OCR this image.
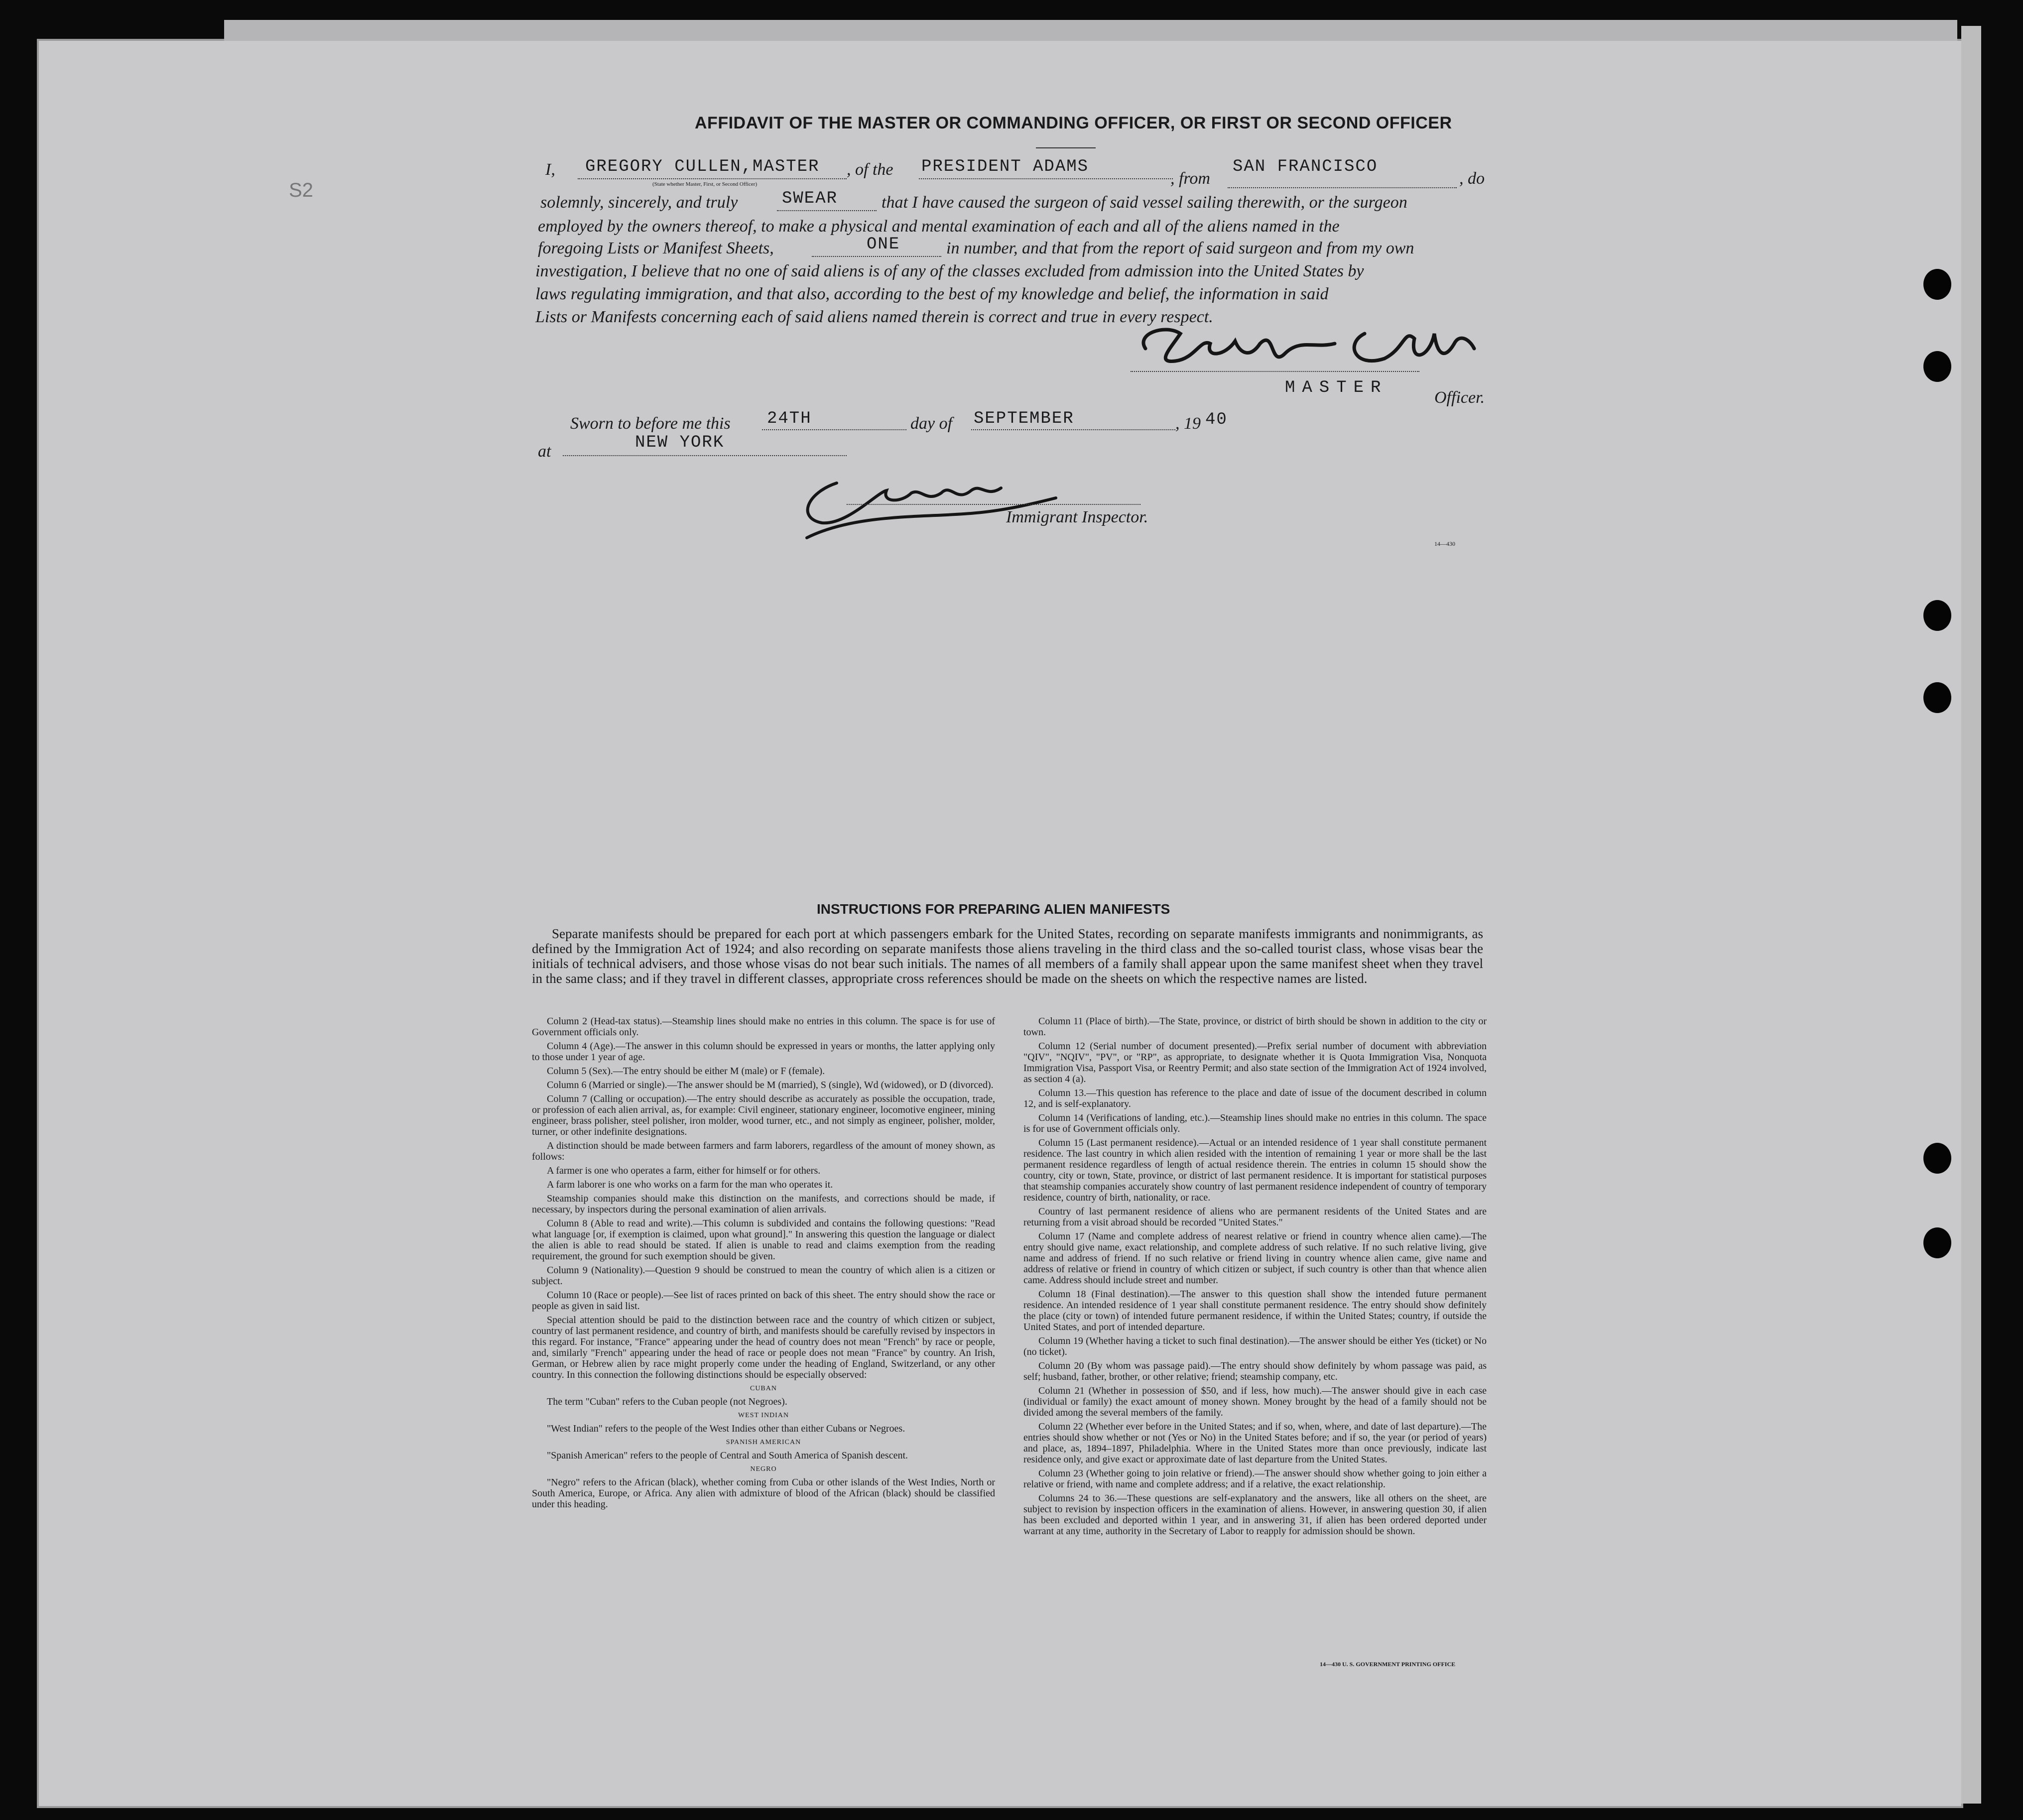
S2
AFFIDAVIT OF THE MASTER OR COMMANDING OFFICER, OR FIRST OR SECOND OFFICER
I, GREGORY CULLEN,MASTER
(State whether Master, First, or Second Officer)
, of the PRESIDENT ADAMS
, from
SAN FRANCISCO
, do
solemnly, sincerely, and truly	SWEAR	that I have caused the surgeon of said vessel sailing therewith, or the surgeon
employed by the owners thereof, to make a physical and mental examination of each and all of the aliens named in the
foregoing Lists or Manifest Sheets,	ONE	in number, and that from the report of said surgeon and from my own
investigation, I believe that no one of said aliens is of any of the classes excluded from admission into the United States by
laws regulating immigration, and that also, according to the best of my knowledge and belief, the information in said
Lists or Manifests concerning each of said aliens named therein is correct and true in every respect.
MASTER
Officer.
Sworn to before me this 24TH	day of SEPTEMBER	, 19 40
at	NEW YORK
Immigrant Inspector.
14—430
INSTRUCTIONS FOR PREPARING ALIEN MANIFESTS
Separate manifests should be prepared for each port at which passengers embark for the United States, recording on separate manifests immigrants and nonimmigrants, as defined by the Immigration Act of 1924; and also recording on separate manifests those aliens traveling in the third class and the so-called tourist class, whose visas bear the initials of technical advisers, and those whose visas do not bear such initials. The names of all members of a family shall appear upon the same manifest sheet when they travel in the same class; and if they travel in different classes, appropriate cross references should be made on the sheets on which the respective names are listed.

Column 2 (Head-tax status).—Steamship lines should make no entries in this column. The space is for use of Government officials only.

Column 4 (Age).—The answer in this column should be expressed in years or months, the latter applying only to those under 1 year of age.

Column 5 (Sex).—The entry should be either M (male) or F (female).

Column 6 (Married or single).—The answer should be M (married), S (single), Wd (widowed), or D (divorced).

Column 7 (Calling or occupation).—The entry should describe as accurately as possible the occupation, trade, or profession of each alien arrival, as, for example: Civil engineer, stationary engineer, locomotive engineer, mining engineer, brass polisher, steel polisher, iron molder, wood turner, etc., and not simply as engineer, polisher, molder, turner, or other indefinite designations.

A distinction should be made between farmers and farm laborers, regardless of the amount of money shown, as follows:

A farmer is one who operates a farm, either for himself or for others.

A farm laborer is one who works on a farm for the man who operates it.

Steamship companies should make this distinction on the manifests, and corrections should be made, if necessary, by inspectors during the personal examination of alien arrivals.

Column 8 (Able to read and write).—This column is subdivided and contains the following questions: "Read what language [or, if exemption is claimed, upon what ground]." In answering this question the language or dialect the alien is able to read should be stated. If alien is unable to read and claims exemption from the reading requirement, the ground for such exemption should be given.

Column 9 (Nationality).—Question 9 should be construed to mean the country of which alien is a citizen or subject.

Column 10 (Race or people).—See list of races printed on back of this sheet. The entry should show the race or people as given in said list.

Special attention should be paid to the distinction between race and the country of which citizen or subject, country of last permanent residence, and country of birth, and manifests should be carefully revised by inspectors in this regard. For instance, "France" appearing under the head of country does not mean "French" by race or people, and, similarly "French" appearing under the head of race or people does not mean "France" by country. An Irish, German, or Hebrew alien by race might properly come under the heading of England, Switzerland, or any other country. In this connection the following distinctions should be especially observed:

CUBAN

The term "Cuban" refers to the Cuban people (not Negroes).

WEST INDIAN

"West Indian" refers to the people of the West Indies other than either Cubans or Negroes.

SPANISH AMERICAN

"Spanish American" refers to the people of Central and South America of Spanish descent.

NEGRO

"Negro" refers to the African (black), whether coming from Cuba or other islands of the West Indies, North or South America, Europe, or Africa. Any alien with admixture of blood of the African (black) should be classified under this heading.

Column 11 (Place of birth).—The State, province, or district of birth should be shown in addition to the city or town.

Column 12 (Serial number of document presented).—Prefix serial number of document with abbreviation "QIV", "NQIV", "PV", or "RP", as appropriate, to designate whether it is Quota Immigration Visa, Nonquota Immigration Visa, Passport Visa, or Reentry Permit; and also state section of the Immigration Act of 1924 involved, as section 4 (a).

Column 13.—This question has reference to the place and date of issue of the document described in column 12, and is self-explanatory.

Column 14 (Verifications of landing, etc.).—Steamship lines should make no entries in this column. The space is for use of Government officials only.

Column 15 (Last permanent residence).—Actual or an intended residence of 1 year shall constitute permanent residence. The last country in which alien resided with the intention of remaining 1 year or more shall be the last permanent residence regardless of length of actual residence therein. The entries in column 15 should show the country, city or town, State, province, or district of last permanent residence. It is important for statistical purposes that steamship companies accurately show country of last permanent residence independent of country of temporary residence, country of birth, nationality, or race.

Country of last permanent residence of aliens who are permanent residents of the United States and are returning from a visit abroad should be recorded "United States."

Column 17 (Name and complete address of nearest relative or friend in country whence alien came).—The entry should give name, exact relationship, and complete address of such relative. If no such relative living, give name and address of friend. If no such relative or friend living in country whence alien came, give name and address of relative or friend in country of which citizen or subject, if such country is other than that whence alien came. Address should include street and number.

Column 18 (Final destination).—The answer to this question shall show the intended future permanent residence. An intended residence of 1 year shall constitute permanent residence. The entry should show definitely the place (city or town) of intended future permanent residence, if within the United States; country, if outside the United States, and port of intended departure.

Column 19 (Whether having a ticket to such final destination).—The answer should be either Yes (ticket) or No (no ticket).

Column 20 (By whom was passage paid).—The entry should show definitely by whom passage was paid, as self; husband, father, brother, or other relative; friend; steamship company, etc.

Column 21 (Whether in possession of $50, and if less, how much).—The answer should give in each case (individual or family) the exact amount of money shown. Money brought by the head of a family should not be divided among the several members of the family.

Column 22 (Whether ever before in the United States; and if so, when, where, and date of last departure).—The entries should show whether or not (Yes or No) in the United States before; and if so, the year (or period of years) and place, as, 1894–1897, Philadelphia. Where in the United States more than once previously, indicate last residence only, and give exact or approximate date of last departure from the United States.

Column 23 (Whether going to join relative or friend).—The answer should show whether going to join either a relative or friend, with name and complete address; and if a relative, the exact relationship.

Columns 24 to 36.—These questions are self-explanatory and the answers, like all others on the sheet, are subject to revision by inspection officers in the examination of aliens. However, in answering question 30, if alien has been excluded and deported within 1 year, and in answering 31, if alien has been ordered deported under warrant at any time, authority in the Secretary of Labor to reapply for admission should be shown.

14—430 U. S. GOVERNMENT PRINTING OFFICE
